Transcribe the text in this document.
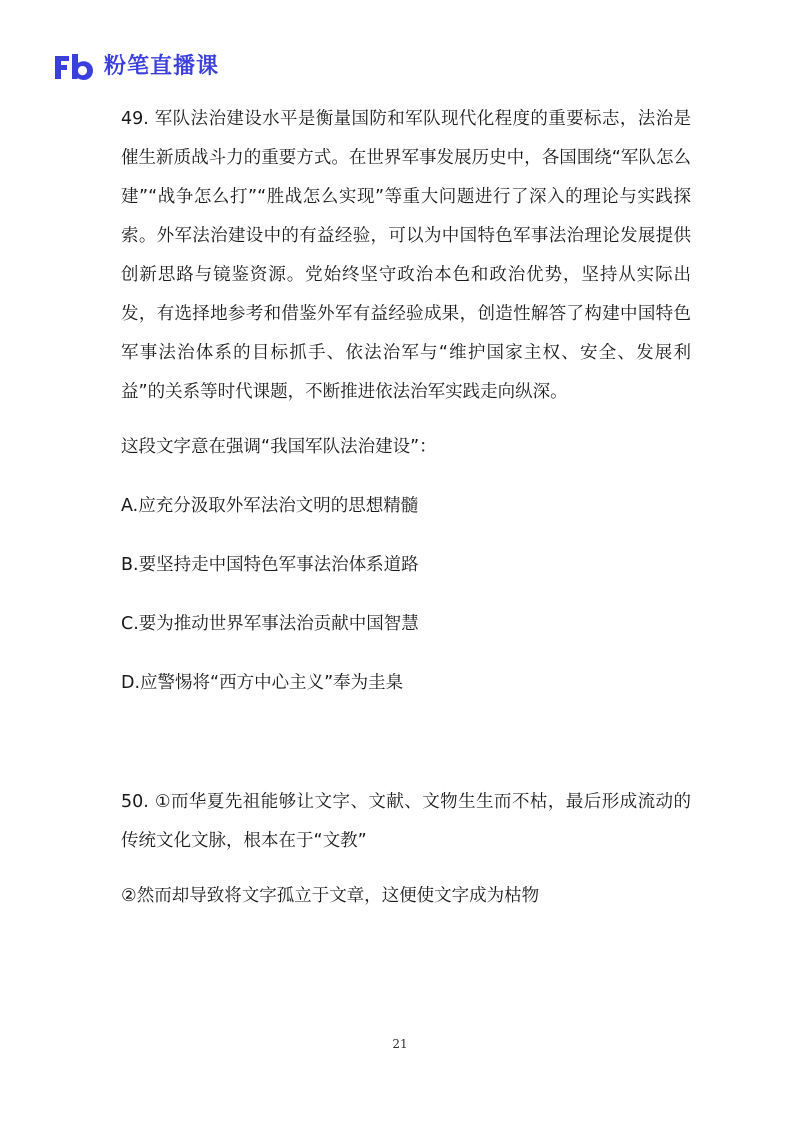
粉笔直播课

49. 军队法治建设水平是衡量国防和军队现代化程度的重要标志，法治是催生新质战斗力的重要方式。在世界军事发展历史中，各国围绕“军队怎么建”“战争怎么打”“胜战怎么实现”等重大问题进行了深入的理论与实践探索。外军法治建设中的有益经验，可以为中国特色军事法治理论发展提供创新思路与镜鉴资源。党始终坚守政治本色和政治优势，坚持从实际出发，有选择地参考和借鉴外军有益经验成果，创造性解答了构建中国特色军事法治体系的目标抓手、依法治军与“维护国家主权、安全、发展利益”的关系等时代课题，不断推进依法治军实践走向纵深。

这段文字意在强调“我国军队法治建设”：

A.应充分汲取外军法治文明的思想精髓

B.要坚持走中国特色军事法治体系道路

C.要为推动世界军事法治贡献中国智慧

D.应警惕将“西方中心主义”奉为圭臬

50. ①而华夏先祖能够让文字、文献、文物生生而不枯，最后形成流动的传统文化文脉，根本在于“文教”

②然而却导致将文字孤立于文章，这便使文字成为枯物

21
